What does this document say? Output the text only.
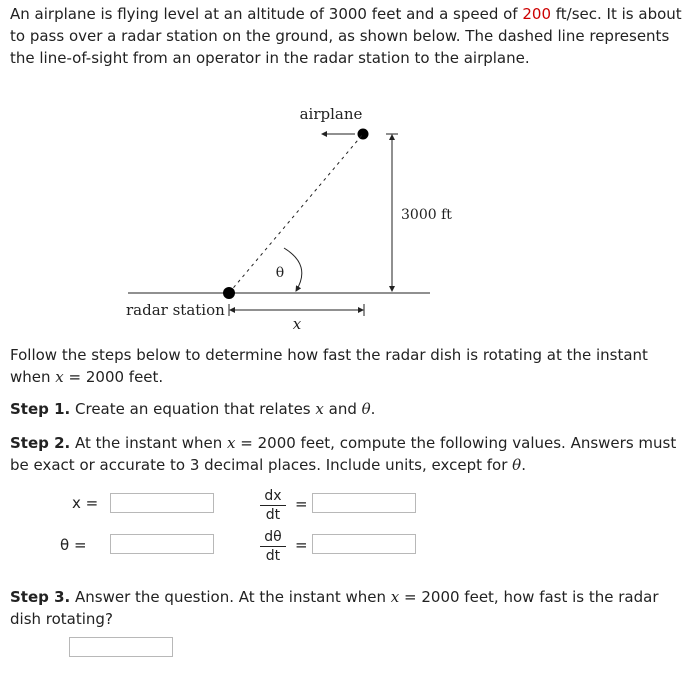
An airplane is flying level at an altitude of 3000 feet and a speed of 200 ft/sec. It is about to pass over a radar station on the ground, as shown below. The dashed line represents the line-of-sight from an operator in the radar station to the airplane.

airplane
3000 ft
θ
radar station
x

Follow the steps below to determine how fast the radar dish is rotating at the instant when x = 2000 feet.

Step 1. Create an equation that relates x and θ.

Step 2. At the instant when x = 2000 feet, compute the following values. Answers must be exact or accurate to 3 decimal places. Include units, except for θ.

x =	dx
dt
=
θ =	dθ
dt
=

Step 3. Answer the question. At the instant when x = 2000 feet, how fast is the radar dish rotating?
